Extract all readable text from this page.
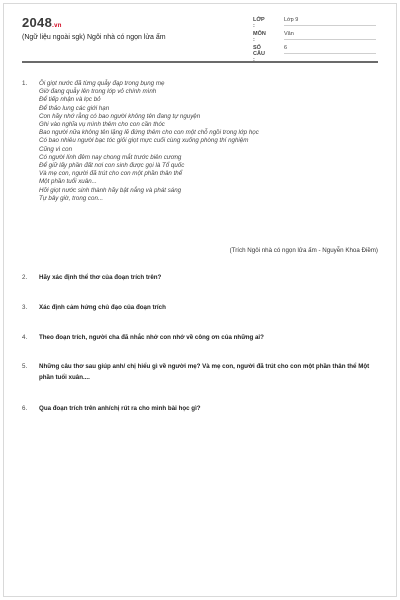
2048.vn
(Ngữ liệu ngoài sgk) Ngôi nhà có ngọn lửa ấm
LỚP :
Lớp 9
MÔN :
Văn
SỐ CÂU :
6
1. Ôi giọt nước đã từng quẫy đạp trong bụng mẹ
Giờ đang quẫy lên trong lớp vỏ chính mình
Để tiếp nhận và lọc bỏ
Để thảo lung các giới hạn
Con hãy nhớ rằng có bao người không tên đang tự nguyện
Ghi vào nghĩa vụ mình thêm cho con cần thóc
Bao người nữa không tên lặng lẽ đứng thêm cho con một chỗ ngồi trong lớp học
Có bao nhiêu người bạc tóc giỏi giọt mực cuối cùng xuống phòng thí nghiệm
Cũng vì con
Có người lính đêm nay chong mắt trước biên cương
Để giữ lấy phần đất nơi con sinh được gọi là Tổ quốc
Và mẹ con, người đã trút cho con một phần thân thể
Một phần tuổi xuân...
Hỡi giọt nước sinh thành hãy bật nắng và phát sáng
Tự bây giờ, trong con...
(Trích Ngôi nhà có ngọn lửa ấm - Nguyễn Khoa Điềm)
2. Hãy xác định thể thơ của đoạn trích trên?
3. Xác định cảm hứng chủ đạo của đoạn trích
4. Theo đoạn trích, người cha đã nhắc nhở con nhớ về công ơn của những ai?
5. Những câu thơ sau giúp anh/ chị hiểu gì về người mẹ? Và mẹ con, người đã trút cho con một phần thân thể Một phần tuổi xuân....
6. Qua đoạn trích trên anh/chị rút ra cho mình bài học gì?
